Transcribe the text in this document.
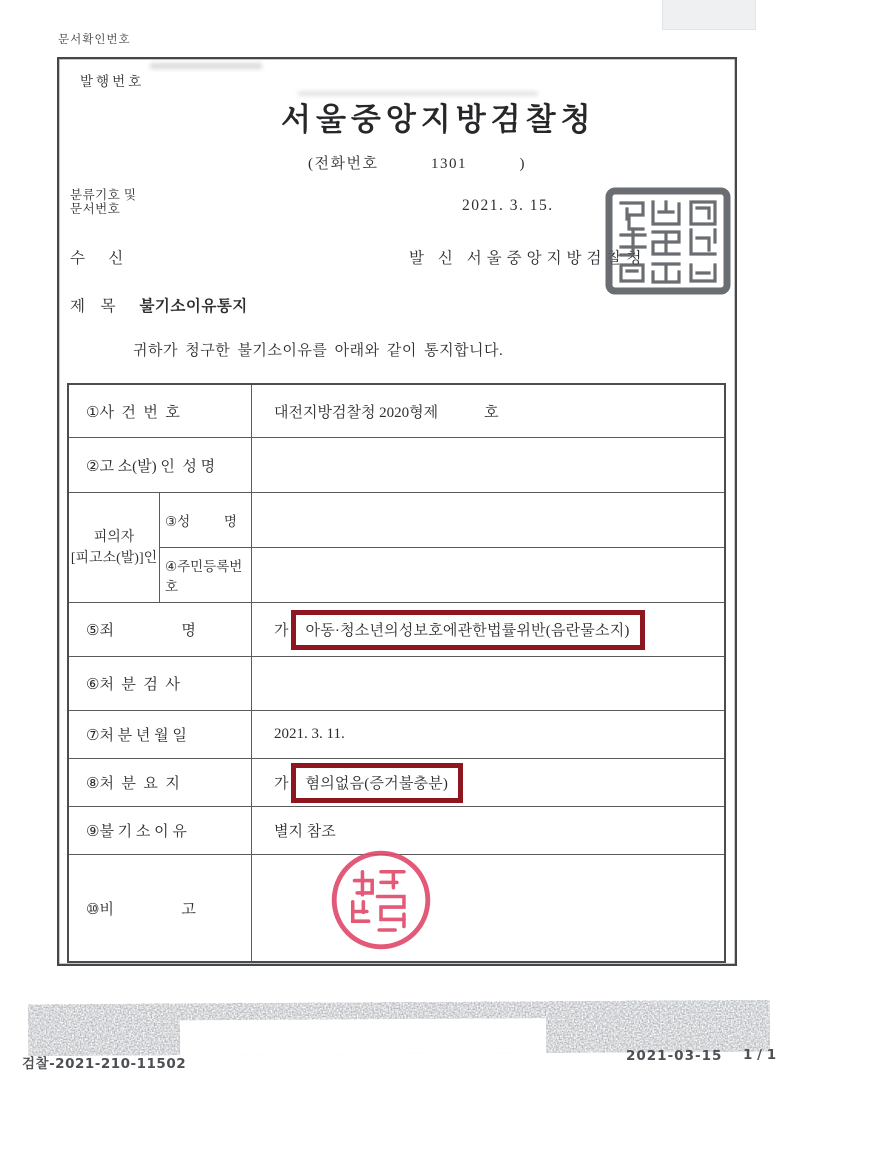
문서확인번호
발행번호
서울중앙지방검찰청
(전화번호          1301          )
분류기호 및
문서번호	2021. 3. 15.
수      신	발 신 서울중앙지방검찰청
제    목 불기소이유통지
귀하가 청구한 불기소이유를 아래와 같이 통지합니다.
①사  건  번  호	대전지방검찰청 2020형제	호
②고 소(발) 인  성 명
피의자
[피고소(발)]인
③성          명
④주민등록번호
⑤죄                  명	가	아동·청소년의성보호에관한법률위반(음란물소지)
⑥처  분  검  사
⑦처 분 년 월 일	2021. 3. 11.
⑧처  분  요  지	가	혐의없음(증거불충분)
⑨불 기 소 이 유	별지 참조
⑩비                  고
검찰-2021-210-11502	2021-03-15 1 / 1
